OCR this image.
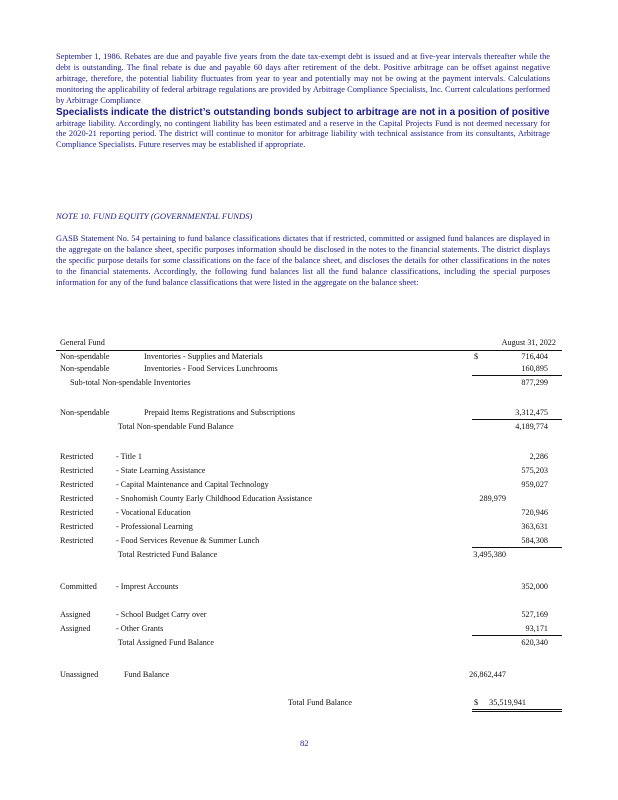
September 1, 1986. Rebates are due and payable five years from the date tax-exempt debt is issued and at five-year intervals thereafter while the debt is outstanding. The final rebate is due and payable 60 days after retirement of the debt. Positive arbitrage can be offset against negative arbitrage, therefore, the potential liability fluctuates from year to year and potentially may not be owing at the payment intervals. Calculations monitoring the applicability of federal arbitrage regulations are provided by Arbitrage Compliance Specialists, Inc. Current calculations performed by Arbitrage Compliance
Specialists indicate the district’s outstanding bonds subject to arbitrage are not in a position of positive
arbitrage liability. Accordingly, no contingent liability has been estimated and a reserve in the Capital Projects Fund is not deemed necessary for the 2020-21 reporting period. The district will continue to monitor for arbitrage liability with technical assistance from its consultants, Arbitrage Compliance Specialists. Future reserves may be established if appropriate.
NOTE 10. FUND EQUITY (GOVERNMENTAL FUNDS)
GASB Statement No. 54 pertaining to fund balance classifications dictates that if restricted, committed or assigned fund balances are displayed in the aggregate on the balance sheet, specific purposes information should be disclosed in the notes to the financial statements. The district displays the specific purpose details for some classifications on the face of the balance sheet, and discloses the details for other classifications in the notes to the financial statements. Accordingly, the following fund balances list all the fund balance classifications, including the special purposes information for any of the fund balance classifications that were listed in the aggregate on the balance sheet:
General Fund	August 31, 2022
Non-spendable	Inventories - Supplies and Materials	$	716,404
Non-spendable	Inventories - Food Services Lunchrooms	160,895
Sub-total Non-spendable Inventories	877,299
Non-spendable	Prepaid Items Registrations and Subscriptions	3,312,475
Total Non-spendable Fund Balance	4,189,774
Restricted	- Title 1	2,286
Restricted	- State Learning Assistance	575,203
Restricted	- Capital Maintenance and Capital Technology	959,027
Restricted	- Snohomish County Early Childhood Education Assistance	289,979
Restricted	- Vocational Education	720,946
Restricted	- Professional Learning	363,631
Restricted	- Food Services Revenue & Summer Lunch	584,308
Total Restricted Fund Balance	3,495,380
Committed - Imprest Accounts	352,000
Assigned	- School Budget Carry over	527,169
Assigned	- Other Grants	93,171
Total Assigned Fund Balance	620,340
Unassigned	Fund Balance	26,862,447
Total Fund Balance	$ 35,519,941
82
